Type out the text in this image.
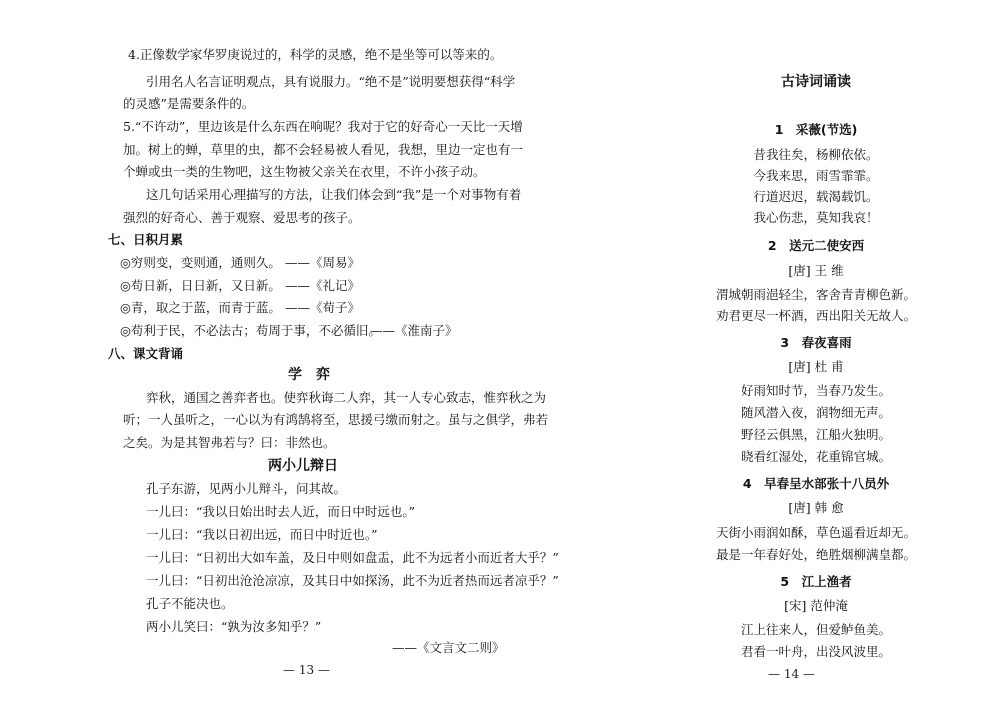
4.正像数学家华罗庚说过的，科学的灵感，绝不是坐等可以等来的。
引用名人名言证明观点，具有说服力。“绝不是”说明要想获得“科学
的灵感”是需要条件的。
5.“不许动”，里边该是什么东西在响呢？我对于它的好奇心一天比一天增
加。树上的蝉，草里的虫，都不会轻易被人看见，我想，里边一定也有一
个蝉或虫一类的生物吧，这生物被父亲关在衣里，不许小孩子动。
这几句话采用心理描写的方法，让我们体会到“我”是一个对事物有着
强烈的好奇心、善于观察、爱思考的孩子。
七、日积月累
◎穷则变，变则通，通则久。 ——《周易》
◎苟日新，日日新，又日新。 ——《礼记》
◎青，取之于蓝，而青于蓝。 ——《荀子》
◎苟利于民，不必法古；苟周于事，不必循旧。
——《淮南子》
八、课文背诵
学　弈
弈秋，通国之善弈者也。使弈秋诲二人弈，其一人专心致志，惟弈秋之为
听；一人虽听之，一心以为有鸿鹄将至，思援弓缴而射之。虽与之俱学，弗若
之矣。为是其智弗若与？曰：非然也。
两小儿辩日
孔子东游，见两小儿辩斗，问其故。
一儿曰：“我以日始出时去人近，而日中时远也。”
一儿曰：“我以日初出远，而日中时近也。”
一儿曰：“日初出大如车盖，及日中则如盘盂，此不为远者小而近者大乎？”
一儿曰：“日初出沧沧凉凉，及其日中如探汤，此不为近者热而远者凉乎？”
孔子不能决也。
两小儿笑曰：“孰为汝多知乎？”
——《文言文二则》
— 13 —
古诗词诵读
1　采薇(节选)
昔我往矣，杨柳依依。
今我来思，雨雪霏霏。
行道迟迟，载渴载饥。
我心伤悲，莫知我哀！
2　送元二使安西
[唐] 王 维
渭城朝雨浥轻尘，客舍青青柳色新。
劝君更尽一杯酒，西出阳关无故人。
3　春夜喜雨
[唐] 杜 甫
好雨知时节，当春乃发生。
随风潜入夜，润物细无声。
野径云俱黑，江船火独明。
晓看红湿处，花重锦官城。
4　早春呈水部张十八员外
[唐] 韩 愈
天街小雨润如酥，草色遥看近却无。
最是一年春好处，绝胜烟柳满皇都。
5　江上渔者
[宋] 范仲淹
江上往来人，但爱鲈鱼美。
君看一叶舟，出没风波里。
— 14 —
